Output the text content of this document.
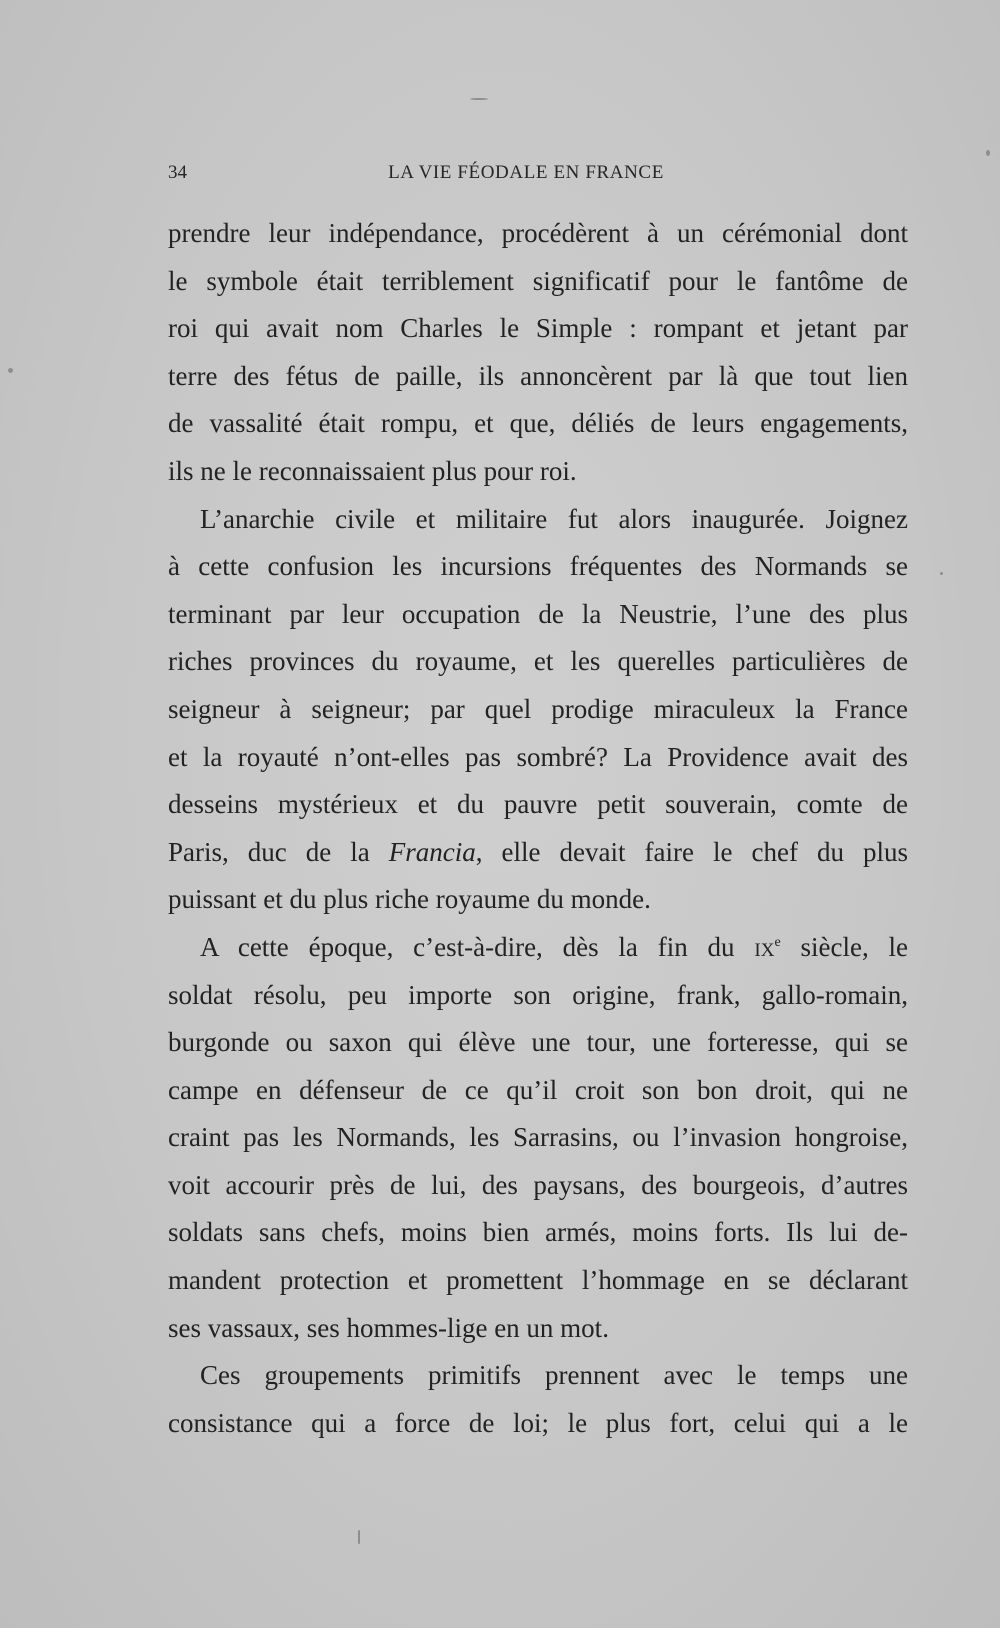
34	LA VIE FÉODALE EN FRANCE
prendre leur indépendance, procédèrent à un cérémonial dont
le symbole était terriblement significatif pour le fantôme de
roi qui avait nom Charles le Simple : rompant et jetant par
terre des fétus de paille, ils annoncèrent par là que tout lien
de vassalité était rompu, et que, déliés de leurs engagements,
ils ne le reconnaissaient plus pour roi.
L’anarchie civile et militaire fut alors inaugurée. Joignez
à cette confusion les incursions fréquentes des Normands se
terminant par leur occupation de la Neustrie, l’une des plus
riches provinces du royaume, et les querelles particulières de
seigneur à seigneur; par quel prodige miraculeux la France
et la royauté n’ont-elles pas sombré? La Providence avait des
desseins mystérieux et du pauvre petit souverain, comte de
Paris, duc de la Francia, elle devait faire le chef du plus
puissant et du plus riche royaume du monde.
A cette époque, c’est-à-dire, dès la fin du $ix^e$ siècle, le
soldat résolu, peu importe son origine, frank, gallo-romain,
burgonde ou saxon qui élève une tour, une forteresse, qui se
campe en défenseur de ce qu’il croit son bon droit, qui ne
craint pas les Normands, les Sarrasins, ou l’invasion hongroise,
voit accourir près de lui, des paysans, des bourgeois, d’autres
soldats sans chefs, moins bien armés, moins forts. Ils lui de-
mandent protection et promettent l’hommage en se déclarant
ses vassaux, ses hommes-lige en un mot.
Ces groupements primitifs prennent avec le temps une
consistance qui a force de loi; le plus fort, celui qui a le
